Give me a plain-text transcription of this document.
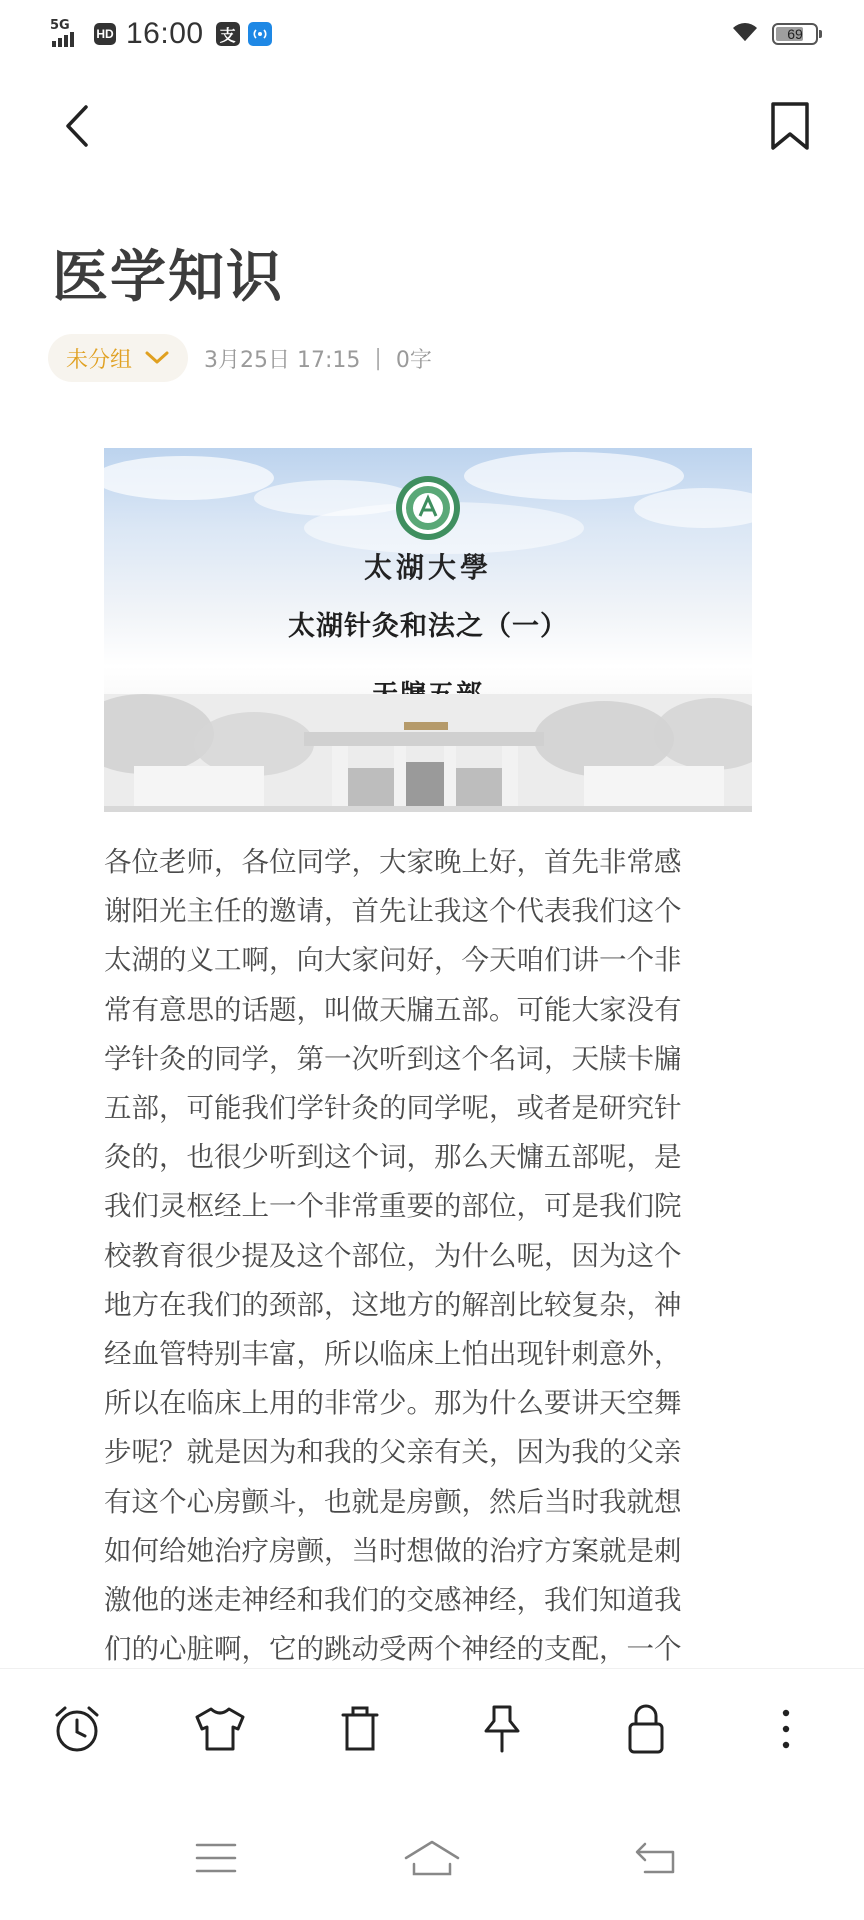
5G
HD 16:00 支	69
医学知识
未分组	3月25日 17:15 | 0字
太湖大學
太湖针灸和法之（一）
各位老师，各位同学，大家晚上好，首先非常感
谢阳光主任的邀请，首先让我这个代表我们这个
太湖的义工啊，向大家问好，今天咱们讲一个非
常有意思的话题，叫做天牖五部。可能大家没有
学针灸的同学，第一次听到这个名词，天牍卡牖
五部，可能我们学针灸的同学呢，或者是研究针
灸的，也很少听到这个词，那么天慵五部呢，是
我们灵枢经上一个非常重要的部位，可是我们院
校教育很少提及这个部位，为什么呢，因为这个
地方在我们的颈部，这地方的解剖比较复杂，神
经血管特别丰富，所以临床上怕出现针刺意外，
所以在临床上用的非常少。那为什么要讲天空舞
步呢？就是因为和我的父亲有关，因为我的父亲
有这个心房颤斗，也就是房颤，然后当时我就想
如何给她治疗房颤，当时想做的治疗方案就是刺
激他的迷走神经和我们的交感神经，我们知道我
们的心脏啊，它的跳动受两个神经的支配，一个
